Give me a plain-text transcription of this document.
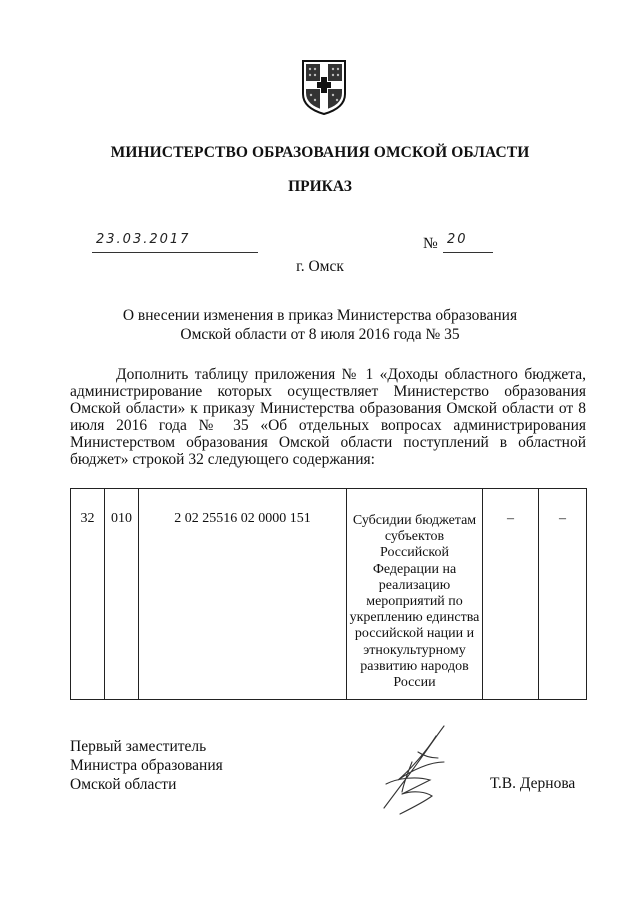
МИНИСТЕРСТВО ОБРАЗОВАНИЯ ОМСКОЙ ОБЛАСТИ
ПРИКАЗ
23.03.2017	№ 20
г. Омск
О внесении изменения в приказ Министерства образования
Омской области от 8 июля 2016 года № 35

Дополнить таблицу приложения № 1 «Доходы областного бюджета, администрирование которых осуществляет Министерство образования Омской области» к приказу Министерства образования Омской области от 8 июля 2016 года № 35 «Об отдельных вопросах администрирования Министерством образования Омской области поступлений в областной бюджет» строкой 32 следующего содержания:

32	010	2 02 25516 02 0000 151	Субсидии бюджетам субъектов Российской Федерации на реализацию мероприятий по укреплению единства российской нации и этнокультурному развитию народов России	–	–
Первый заместитель
Министра образования
Омской области	Т.В. Дернова
